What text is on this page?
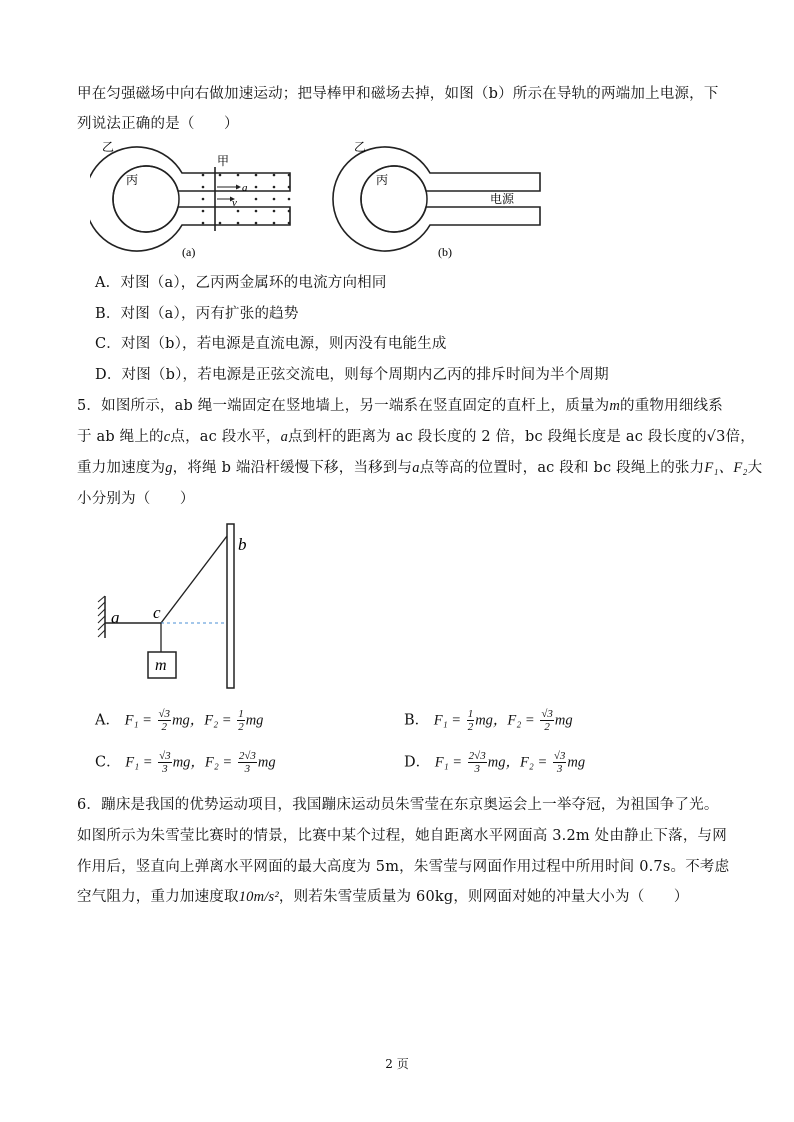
甲在匀强磁场中向右做加速运动；把导棒甲和磁场去掉，如图（b）所示在导轨的两端加上电源，下
列说法正确的是（　　）
乙
丙
甲
a
v
(a)
乙
丙
电源
(b)
A．对图（a），乙丙两金属环的电流方向相同
B．对图（a），丙有扩张的趋势
C．对图（b），若电源是直流电源，则丙没有电能生成
D．对图（b），若电源是正弦交流电，则每个周期内乙丙的排斥时间为半个周期
5．如图所示，ab 绳一端固定在竖地墙上，另一端系在竖直固定的直杆上，质量为m的重物用细线系
于 ab 绳上的c点，ac 段水平，a点到杆的距离为 ac 段长度的 2 倍，bc 段绳长度是 ac 段长度的√3倍，
重力加速度为g，将绳 b 端沿杆缓慢下移，当移到与a点等高的位置时，ac 段和 bc 段绳上的张力F₁、F₂大
小分别为（　　）
a
b
c
m
A． $F_1 = \frac{√3}{2}$ mg，$F_2 = \frac{1}{2}$ mg	B． $F_1 = \frac{1}{2}$ mg，$F_2 = \frac{√3}{2}$ mg
C． $F_1 = \frac{√3}{3}$ mg，$F_2 = \frac{2√3}{3}$ mg	D． $F_1 = \frac{2√3}{3}$ mg，$F_2 = \frac{√3}{3}$ mg
6．蹦床是我国的优势运动项目，我国蹦床运动员朱雪莹在东京奥运会上一举夺冠，为祖国争了光。
如图所示为朱雪莹比赛时的情景，比赛中某个过程，她自距离水平网面高 3.2m 处由静止下落，与网
作用后，竖直向上弹离水平网面的最大高度为 5m，朱雪莹与网面作用过程中所用时间 0.7s。不考虑
空气阻力，重力加速度取10m/s²，则若朱雪莹质量为 60kg，则网面对她的冲量大小为（　　）
2 页
